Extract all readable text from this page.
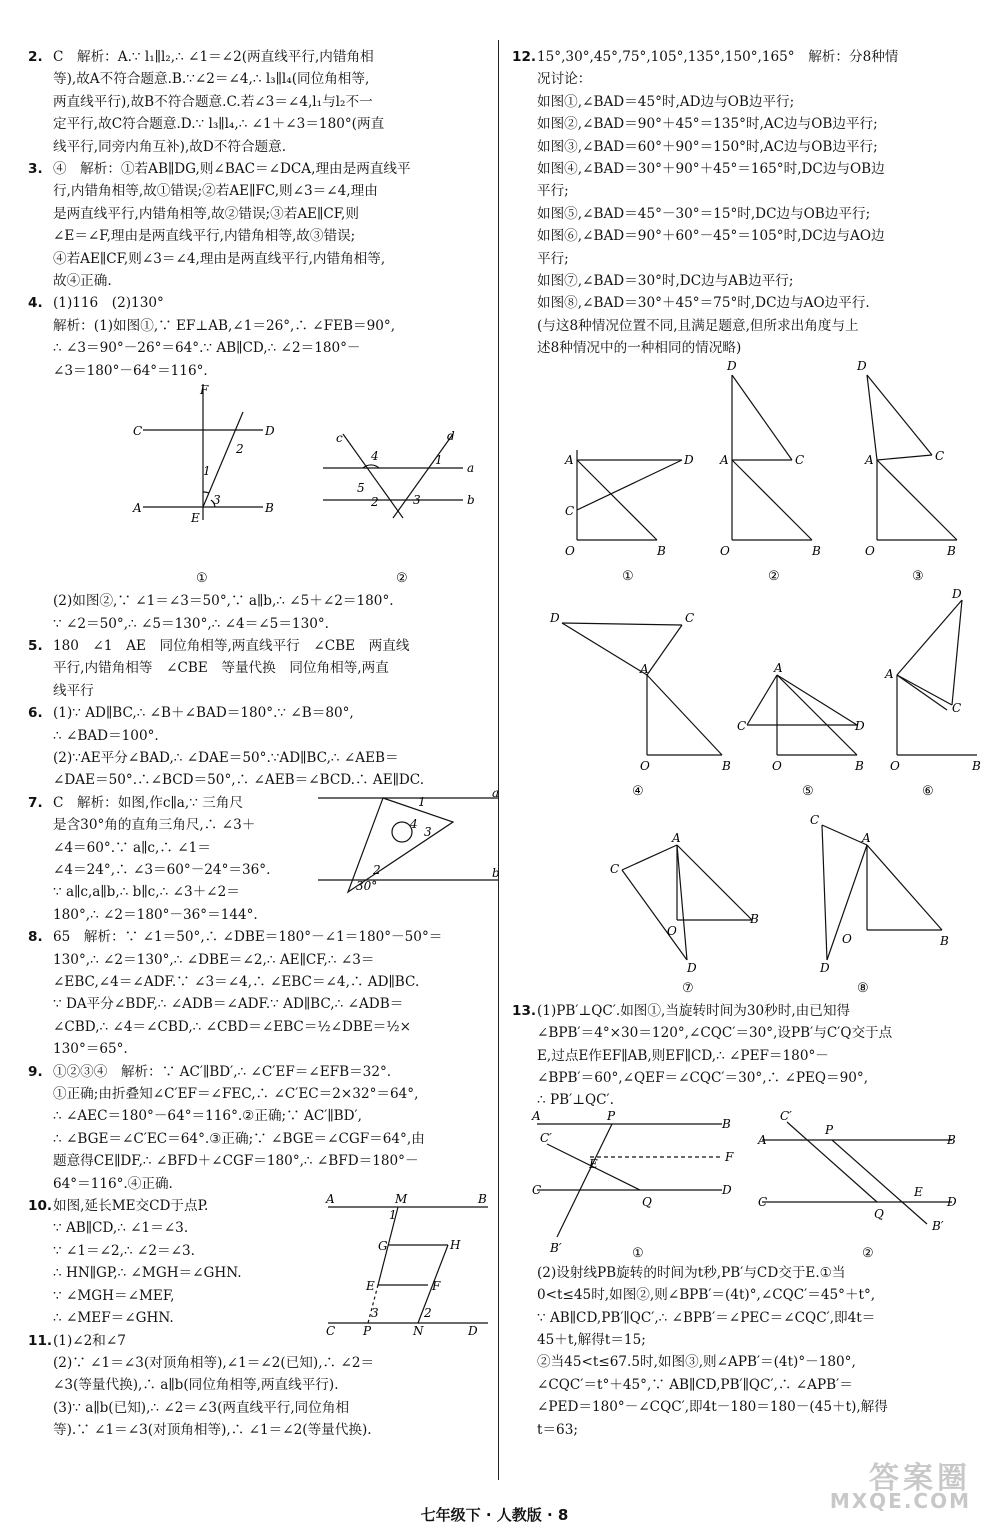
2. C　解析：A.∵ l₁∥l₂,∴ ∠1＝∠2(两直线平行,内错角相
等),故A不符合题意.B.∵∠2＝∠4,∴ l₃∥l₄(同位角相等,
两直线平行),故B不符合题意.C.若∠3＝∠4,l₁与l₂不一
定平行,故C符合题意.D.∵ l₃∥l₄,∴ ∠1＋∠3＝180°(两直
线平行,同旁内角互补),故D不符合题意.
3. ④　解析：①若AB∥DG,则∠BAC＝∠DCA,理由是两直线平
行,内错角相等,故①错误;②若AE∥FC,则∠3＝∠4,理由
是两直线平行,内错角相等,故②错误;③若AE∥CF,则
∠E＝∠F,理由是两直线平行,内错角相等,故③错误;
④若AE∥CF,则∠3＝∠4,理由是两直线平行,内错角相等,
故④正确.
4. (1)116　(2)130°
解析：(1)如图①,∵ EF⊥AB,∠1＝26°,∴ ∠FEB＝90°,
∴ ∠3＝90°－26°＝64°.∵ AB∥CD,∴ ∠2＝180°－
∠3＝180°－64°＝116°.
F
C	D
A	B
E
2
1
3
c	d
a
b
4	1
5
2	3
①	②
(2)如图②,∵ ∠1＝∠3＝50°,∵ a∥b,∴ ∠5＋∠2＝180°.
∵ ∠2＝50°,∴ ∠5＝130°,∴ ∠4＝∠5＝130°.
5. 180　∠1　AE　同位角相等,两直线平行　∠CBE　两直线
平行,内错角相等　∠CBE　等量代换　同位角相等,两直
线平行
6. (1)∵ AD∥BC,∴ ∠B＋∠BAD＝180°.∵ ∠B＝80°,
∴ ∠BAD＝100°.
(2)∵AE平分∠BAD,∴ ∠DAE＝50°.∵AD∥BC,∴ ∠AEB＝
∠DAE＝50°.∴∠BCD＝50°,∴ ∠AEB＝∠BCD.∴ AE∥DC.
7.	1
4
3
2
30°
a
b
C　解析：如图,作c∥a,∵ 三角尺
是含30°角的直角三角尺,∴ ∠3＋
∠4＝60°.∵ a∥c,∴ ∠1＝
∠4＝24°,∴ ∠3＝60°－24°＝36°.
∵ a∥c,a∥b,∴ b∥c,∴ ∠3＋∠2＝
180°,∴ ∠2＝180°－36°＝144°.
8. 65　解析：∵ ∠1＝50°,∴ ∠DBE＝180°－∠1＝180°－50°＝
130°,∴ ∠2＝130°,∴ ∠DBE＝∠2,∴ AE∥CF,∴ ∠3＝
∠EBC,∠4＝∠ADF.∵ ∠3＝∠4,∴ ∠EBC＝∠4,∴ AD∥BC.
∵ DA平分∠BDF,∴ ∠ADB＝∠ADF.∵ AD∥BC,∴ ∠ADB＝
∠CBD,∴ ∠4＝∠CBD,∴ ∠CBD＝∠EBC＝½∠DBE＝½×
130°＝65°.
9. ①②③④　解析：∵ AC′∥BD′,∴ ∠C′EF＝∠EFB＝32°.
①正确;由折叠知∠C′EF＝∠FEC,∴ ∠C′EC＝2×32°＝64°,
∴ ∠AEC＝180°－64°＝116°.②正确;∵ AC′∥BD′,
∴ ∠BGE＝∠C′EC＝64°.③正确;∵ ∠BGE＝∠CGF＝64°,由
题意得CE∥DF,∴ ∠BFD＋∠CGF＝180°,∴ ∠BFD＝180°－
64°＝116°.④正确.
10.	A	M	B
1
G	H
E	F
3	2
C P	N	D
如图,延长ME交CD于点P.
∵ AB∥CD,∴ ∠1＝∠3.
∵ ∠1＝∠2,∴ ∠2＝∠3.
∴ HN∥GP,∴ ∠MGH＝∠GHN.
∵ ∠MGH＝∠MEF,
∴ ∠MEF＝∠GHN.
11. (1)∠2和∠7
(2)∵ ∠1＝∠3(对顶角相等),∠1＝∠2(已知),∴ ∠2＝
∠3(等量代换),∴ a∥b(同位角相等,两直线平行).
(3)∵ a∥b(已知),∴ ∠2＝∠3(两直线平行,同位角相
等).∵ ∠1＝∠3(对顶角相等),∴ ∠1＝∠2(等量代换).
12. 15°,30°,45°,75°,105°,135°,150°,165°　解析：分8种情
况讨论：
如图①,∠BAD＝45°时,AD边与OB边平行;
如图②,∠BAD＝90°＋45°＝135°时,AC边与OB边平行;
如图③,∠BAD＝60°＋90°＝150°时,AC边与OB边平行;
如图④,∠BAD＝30°＋90°＋45°＝165°时,DC边与OB边
平行;
如图⑤,∠BAD＝45°－30°＝15°时,DC边与OB边平行;
如图⑥,∠BAD＝90°＋60°－45°＝105°时,DC边与AO边
平行;
如图⑦,∠BAD＝30°时,DC边与AB边平行;
如图⑧,∠BAD＝30°＋45°＝75°时,DC边与AO边平行.
(与这8种情况位置不同,且满足题意,但所求出角度与上
述8种情况中的一种相同的情况略)
A	D
C
O	B
D
A	C
O	B
D
A	C
O	B
D	C
A
O	B
A
C	D
O	B
D
A
C
O	B
A
C
B
O
D
C
A
B
O
D
①	②	③
④	⑤	⑥
⑦	⑧
13. (1)PB′⊥QC′.如图①,当旋转时间为30秒时,由已知得
∠BPB′＝4°×30＝120°,∠CQC′＝30°,设PB′与C′Q交于点
E,过点E作EF∥AB,则EF∥CD,∴ ∠PEF＝180°－
∠BPB′＝60°,∠QEF＝∠CQC′＝30°,∴ ∠PEQ＝90°,
∴ PB′⊥QC′.
A	P
B
C′
E	F
C
Q
D
B′
C′
P
A	B
C
Q
E
D
B′
①	②
(2)设射线PB旋转的时间为t秒,PB′与CD交于E.①当
0<t≤45时,如图②,则∠BPB′＝(4t)°,∠CQC′＝45°＋t°,
∵ AB∥CD,PB′∥QC′,∴ ∠BPB′＝∠PEC＝∠CQC′,即4t＝
45＋t,解得t＝15;
②当45<t≤67.5时,如图③,则∠APB′＝(4t)°－180°,
∠CQC′＝t°＋45°,∵ AB∥CD,PB′∥QC′,∴ ∠APB′＝
∠PED＝180°－∠CQC′,即4t－180＝180－(45＋t),解得
t＝63;
答案圈
MXQE.COM
七年级下 · 人教版 · 8
